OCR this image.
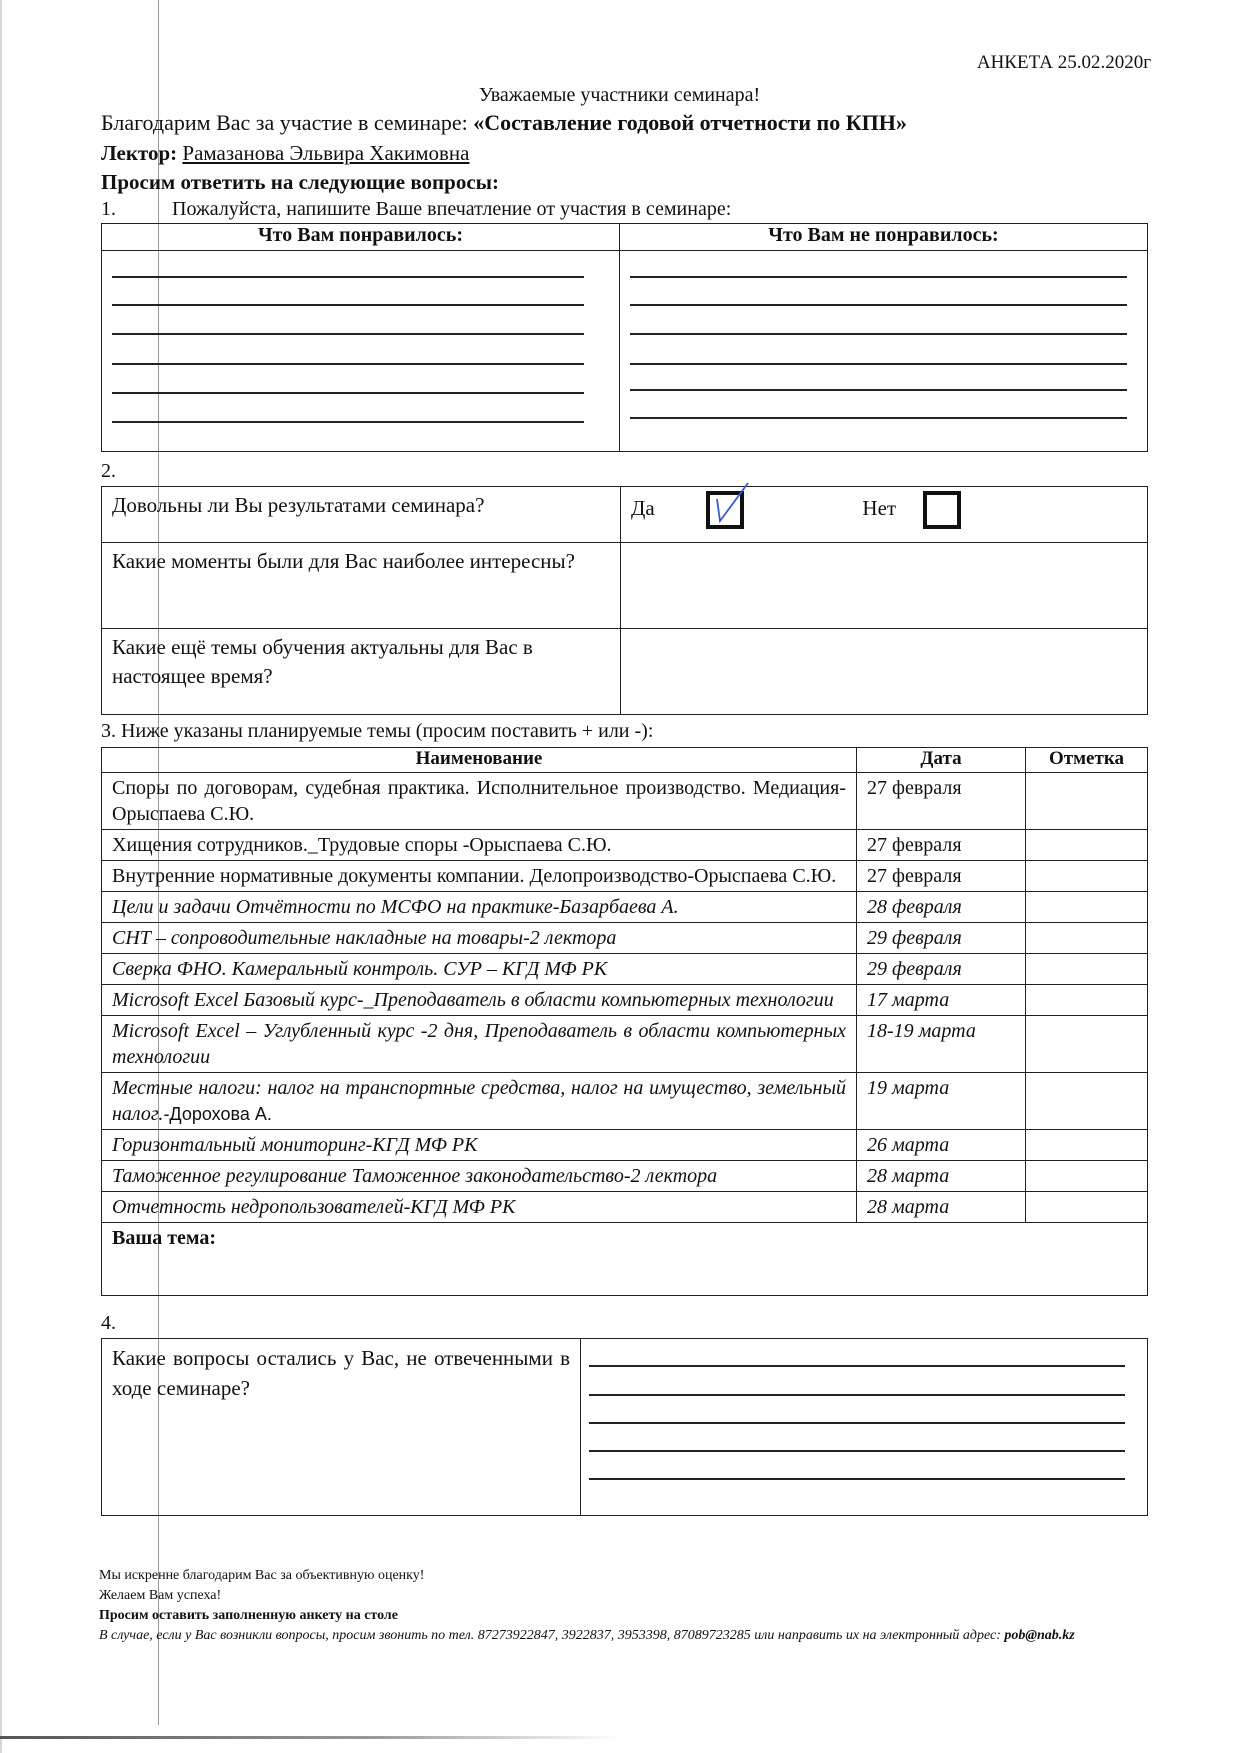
АНКЕТА 25.02.2020г
Уважаемые участники семинара!
Благодарим Вас за участие в семинаре: «Составление годовой отчетности по КПН»
Лектор: Рамазанова Эльвира Хакимовна
Просим ответить на следующие вопросы:
1.	Пожалуйста, напишите Ваше впечатление от участия в семинаре:
Что Вам понравилось:	Что Вам не понравилось:

2.
Довольны ли Вы результатами семинара?	Да Нет
Какие моменты были для Вас наиболее интересны?	
Какие ещё темы обучения актуальны для Вас в настоящее время?	
3. Ниже указаны планируемые темы (просим поставить + или -):
Наименование	Дата	Отметка
Споры по договорам, судебная практика. Исполнительное производство. Медиация- Орыспаева С.Ю.	27 февраля	
Хищения сотрудников._Трудовые споры -Орыспаева С.Ю.	27 февраля	
Внутренние нормативные документы компании. Делопроизводство-Орыспаева С.Ю.	27 февраля	
Цели и задачи Отчётности по МСФО на практике-Базарбаева А.	28 февраля	
СНТ – сопроводительные накладные на товары-2 лектора	29 февраля	
Сверка ФНО. Камеральный контроль. СУР – КГД МФ РК	29 февраля	
Microsoft Excel Базовый курс-_Преподаватель в области компьютерных технологии	17 марта	
Microsoft Excel – Углубленный курс -2 дня, Преподаватель в области компьютерных технологии	18-19 марта	
Местные налоги: налог на транспортные средства, налог на имущество, земельный налог.-Дорохова А.	19 марта	
Горизонтальный мониторинг-КГД МФ РК	26 марта	
Таможенное регулирование Таможенное законодательство-2 лектора	28 марта	
Отчетность недропользователей-КГД МФ РК	28 марта	
Ваша тема:		
4.
Какие вопросы остались у Вас, не отвеченными в ходе семинаре?	
Мы искренне благодарим Вас за объективную оценку!
Желаем Вам успеха!
Просим оставить заполненную анкету на столе
В случае, если у Вас возникли вопросы, просим звонить по тел. 87273922847, 3922837, 3953398, 87089723285 или направить их на электронный адрес: pob@nab.kz
